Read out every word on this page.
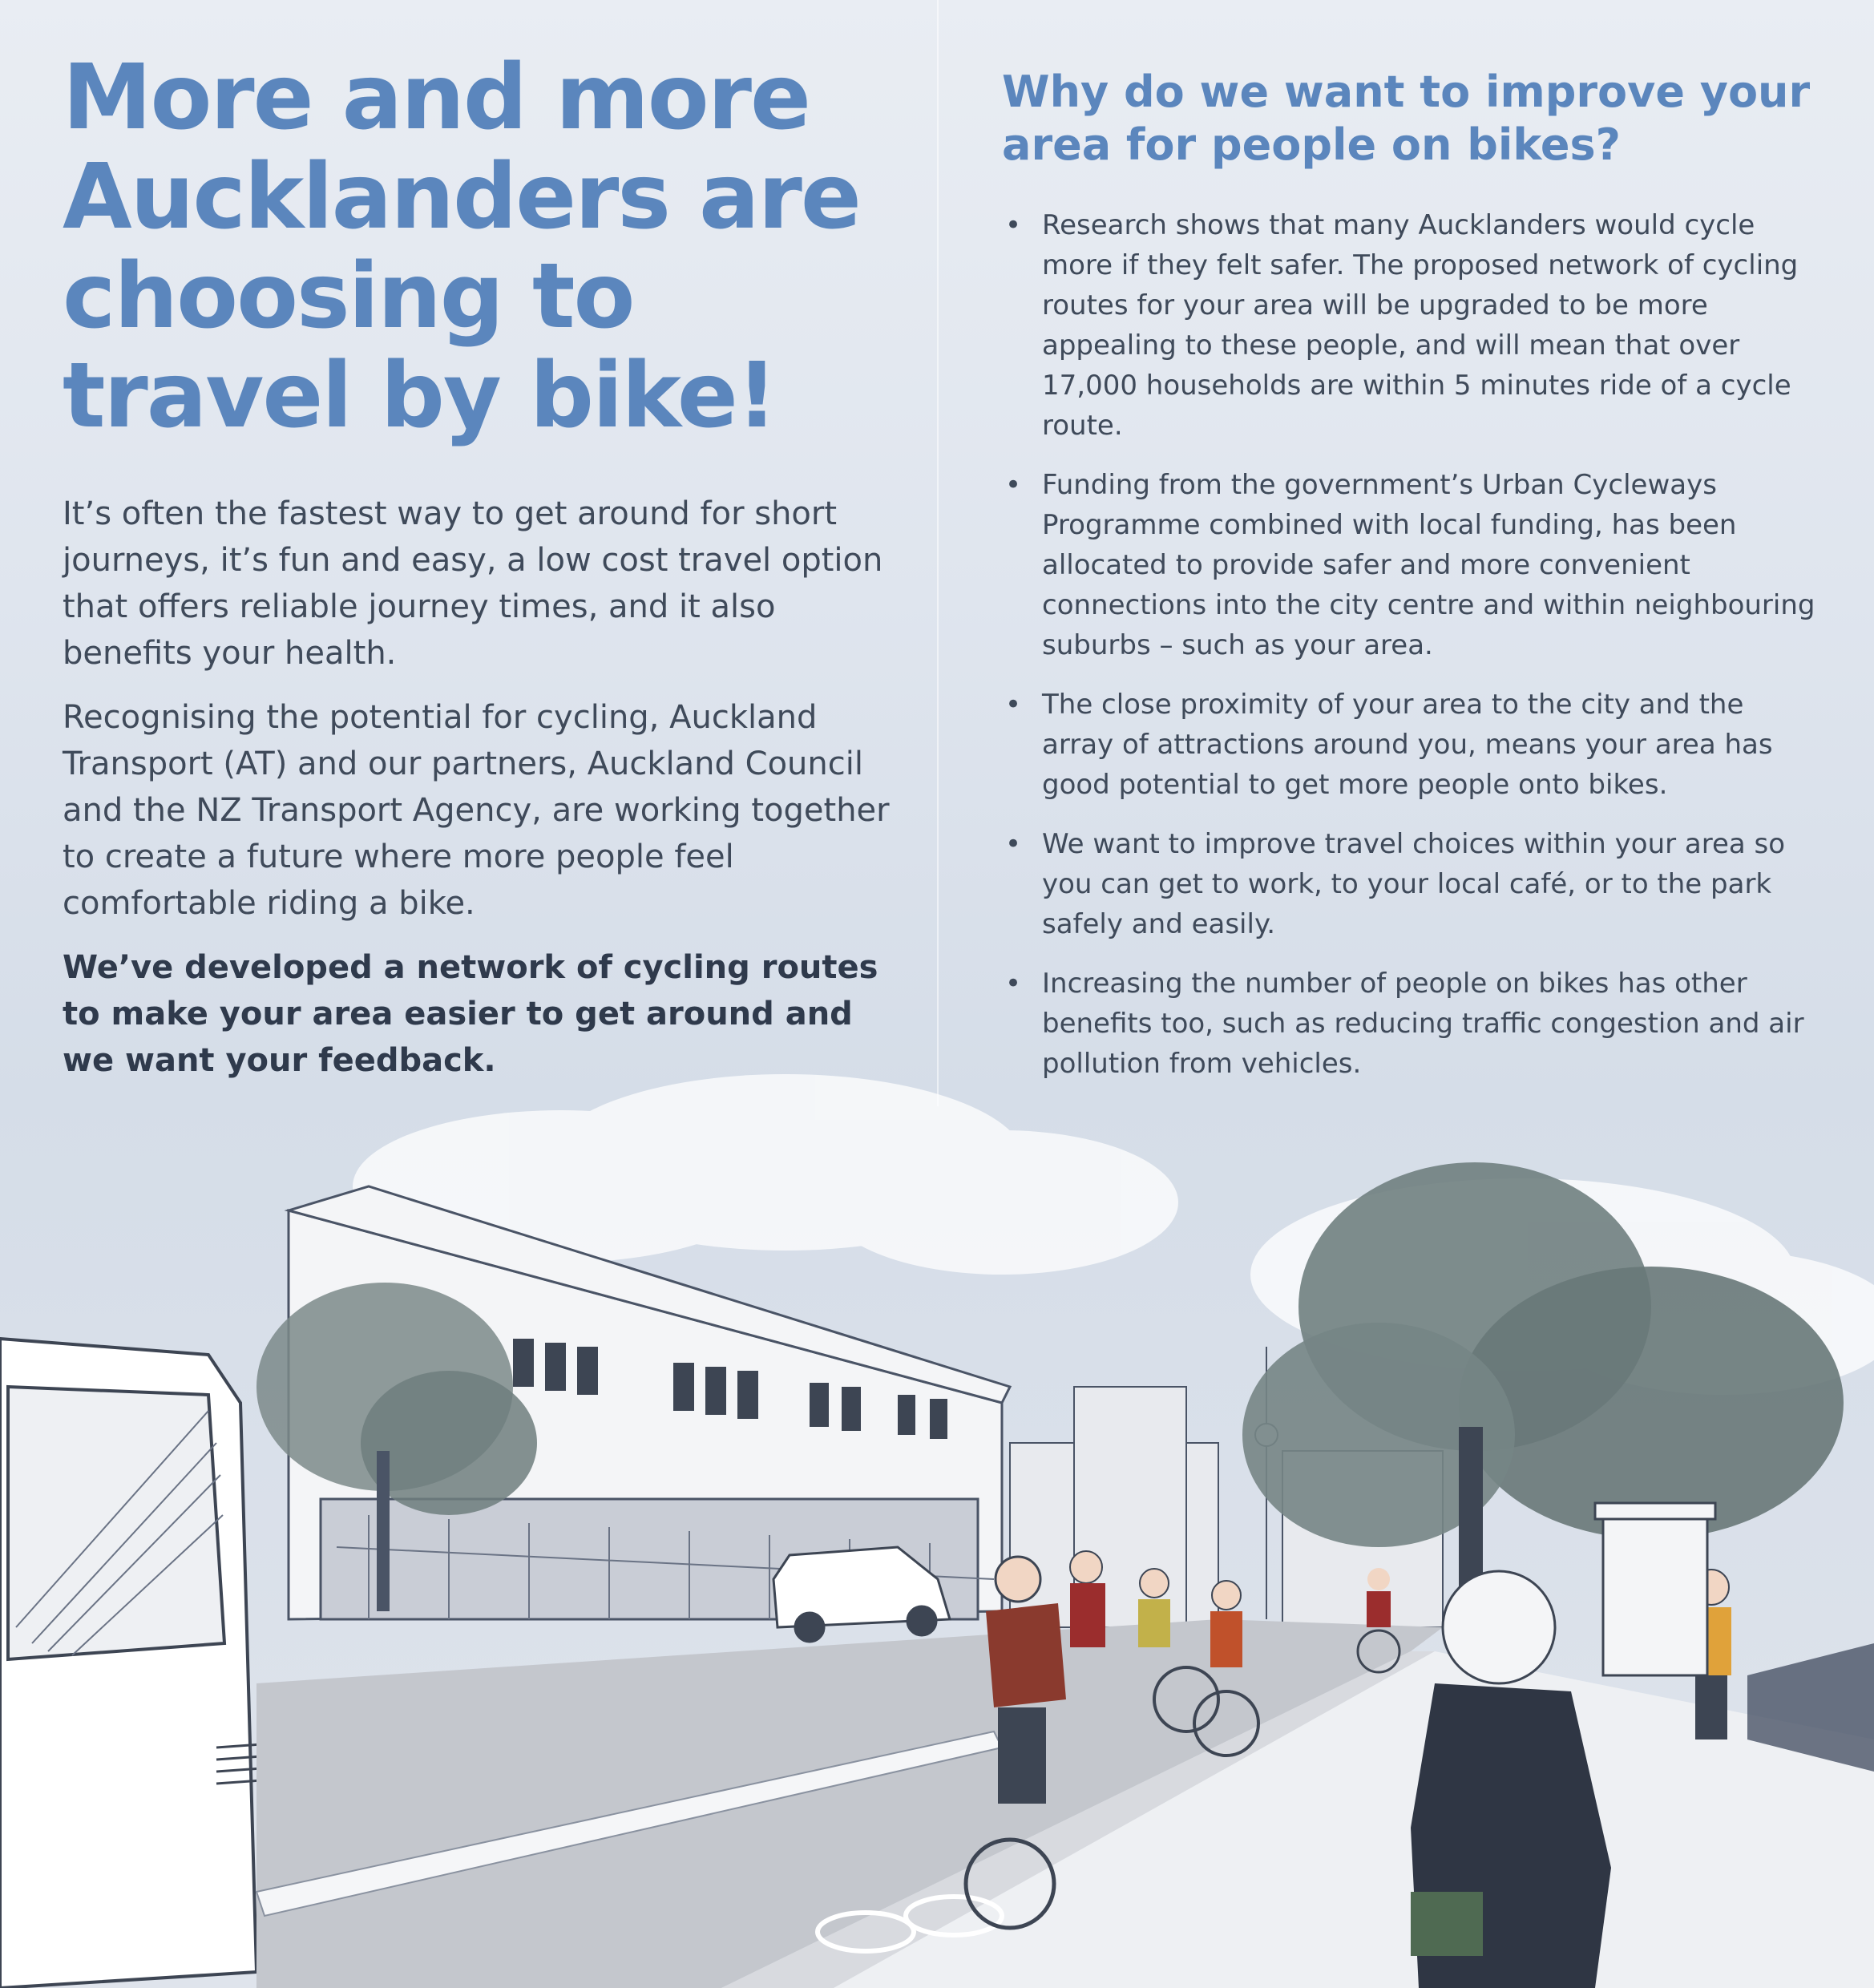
More and more Aucklanders are choosing to travel by bike!

It’s often the fastest way to get around for short journeys, it’s fun and easy, a low cost travel option that offers reliable journey times, and it also benefits your health.

Recognising the potential for cycling, Auckland Transport (AT) and our partners, Auckland Council and the NZ Transport Agency, are working together to create a future where more people feel comfortable riding a bike.

We’ve developed a network of cycling routes to make your area easier to get around and we want your feedback.

Why do we want to improve your area for people on bikes?
• Research shows that many Aucklanders would cycle more if they felt safer. The proposed network of cycling routes for your area will be upgraded to be more appealing to these people, and will mean that over 17,000 households are within 5 minutes ride of a cycle route.
• Funding from the government’s Urban Cycleways Programme combined with local funding, has been allocated to provide safer and more convenient connections into the city centre and within neighbouring suburbs – such as your area.
• The close proximity of your area to the city and the array of attractions around you, means your area has good potential to get more people onto bikes.
• We want to improve travel choices within your area so you can get to work, to your local café, or to the park safely and easily.
• Increasing the number of people on bikes has other benefits too, such as reducing traffic congestion and air pollution from vehicles.
